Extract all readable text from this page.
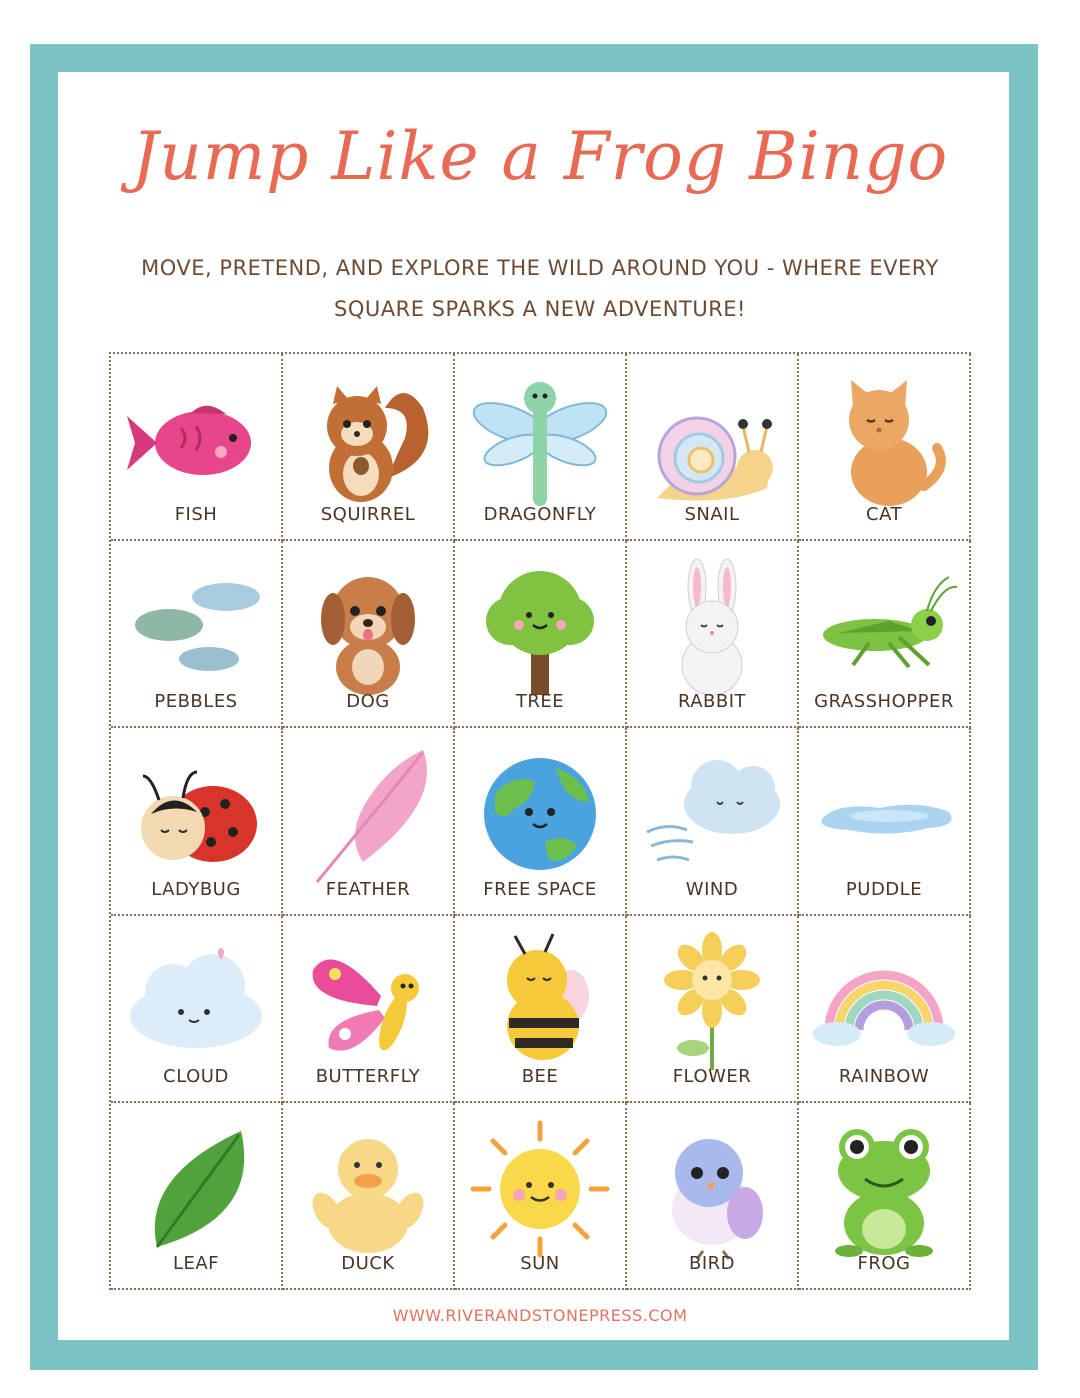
Jump Like a Frog Bingo
MOVE, PRETEND, AND EXPLORE THE WILD AROUND YOU - WHERE EVERY
SQUARE SPARKS A NEW ADVENTURE!
FISH	SQUIRREL	DRAGONFLY	SNAIL	CAT
PEBBLES	DOG	TREE	RABBIT	GRASSHOPPER
LADYBUG	FEATHER	FREE SPACE	WIND	PUDDLE
CLOUD	BUTTERFLY	BEE	FLOWER	RAINBOW
LEAF	DUCK	SUN	BIRD	FROG
WWW.RIVERANDSTONEPRESS.COM
